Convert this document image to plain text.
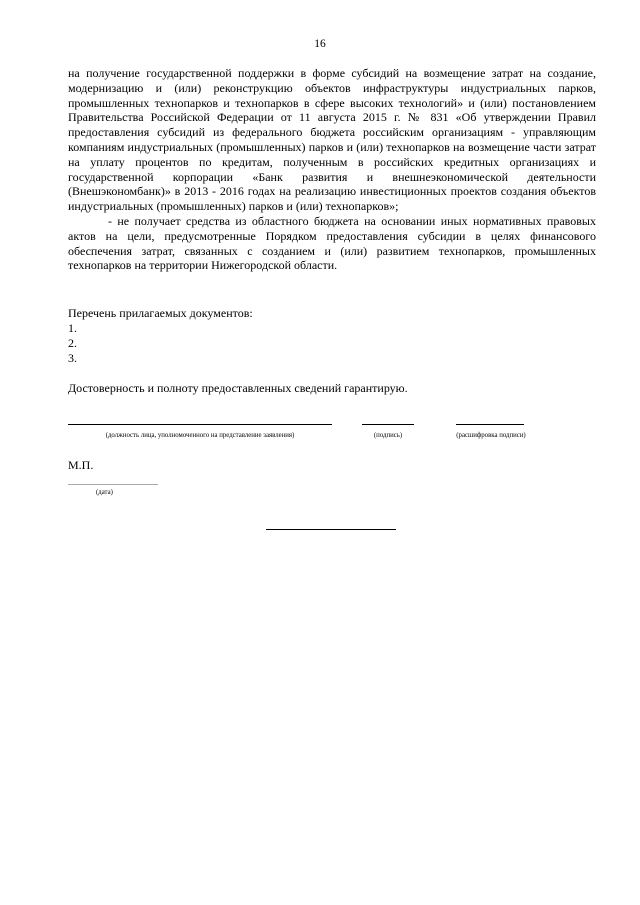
16

на получение государственной поддержки в форме субсидий на возмещение затрат на создание, модернизацию и (или) реконструкцию объектов инфраструктуры индустриальных парков, промышленных технопарков и технопарков в сфере высоких технологий» и (или) постановлением Правительства Российской Федерации от 11 августа 2015 г. № 831 «Об утверждении Правил предоставления субсидий из федерального бюджета российским организациям - управляющим компаниям индустриальных (промышленных) парков и (или) технопарков на возмещение части затрат на уплату процентов по кредитам, полученным в российских кредитных организациях и государственной корпорации «Банк развития и внешнеэкономической деятельности (Внешэкономбанк)» в 2013 - 2016 годах на реализацию инвестиционных проектов создания объектов индустриальных (промышленных) парков и (или) технопарков»;

- не получает средства из областного бюджета на основании иных нормативных правовых актов на цели, предусмотренные Порядком предоставления субсидии в целях финансового обеспечения затрат, связанных с созданием и (или) развитием технопарков, промышленных технопарков на территории Нижегородской области.

Перечень прилагаемых документов:
1.
2.
3.
Достоверность и полноту предоставленных сведений гарантирую.
(должность лица, уполномоченного на представление заявления)	(подпись)	(расшифровка подписи)
М.П.
(дата)
